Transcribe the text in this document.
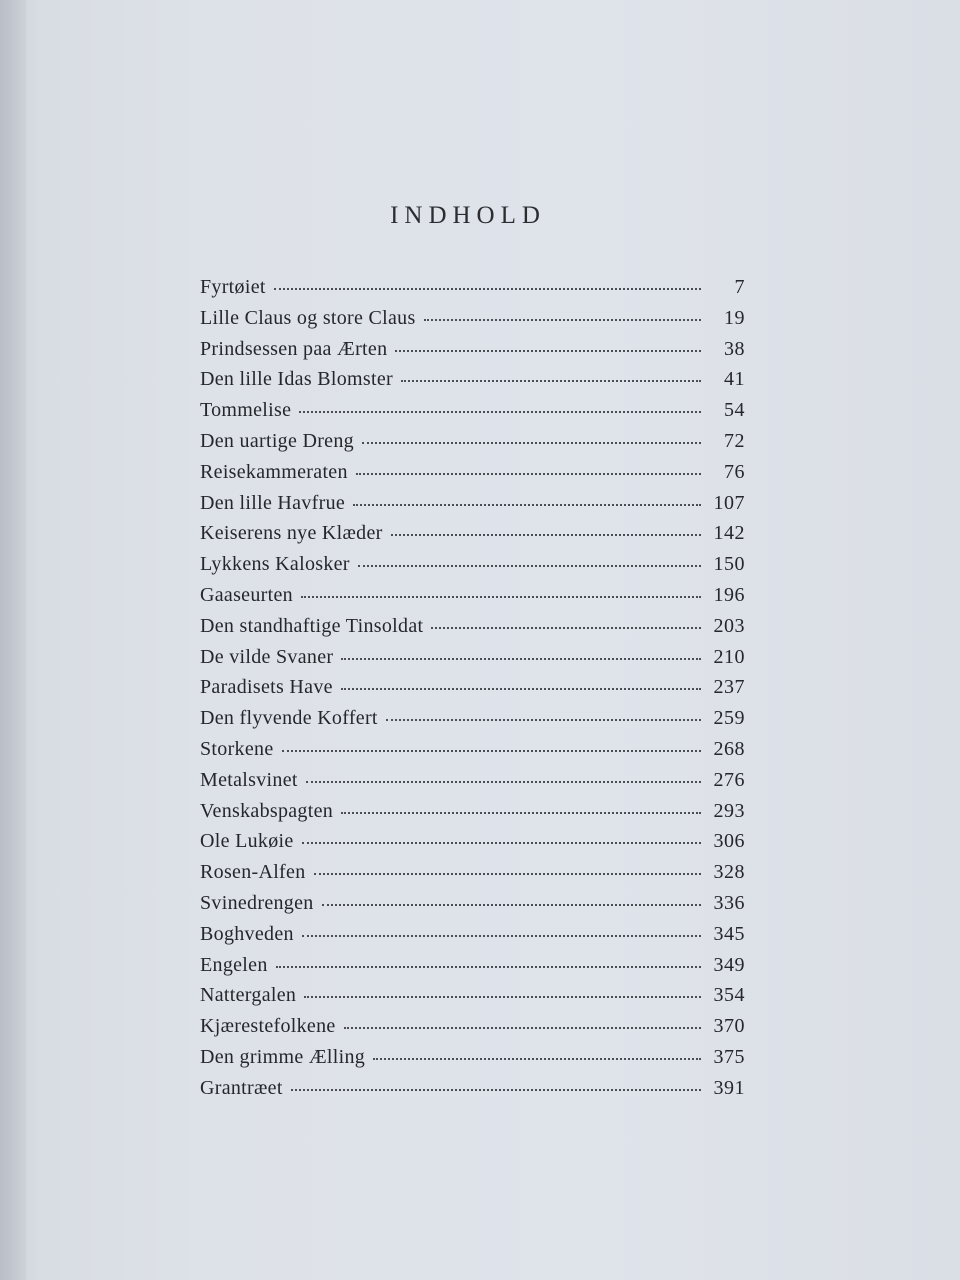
INDHOLD
Fyrtøiet	7
Lille Claus og store Claus	19
Prindsessen paa Ærten	38
Den lille Idas Blomster	41
Tommelise	54
Den uartige Dreng	72
Reisekammeraten	76
Den lille Havfrue	107
Keiserens nye Klæder	142
Lykkens Kalosker	150
Gaaseurten	196
Den standhaftige Tinsoldat	203
De vilde Svaner	210
Paradisets Have	237
Den flyvende Koffert	259
Storkene	268
Metalsvinet	276
Venskabspagten	293
Ole Lukøie	306
Rosen-Alfen	328
Svinedrengen	336
Boghveden	345
Engelen	349
Nattergalen	354
Kjærestefolkene	370
Den grimme Ælling	375
Grantræet	391
